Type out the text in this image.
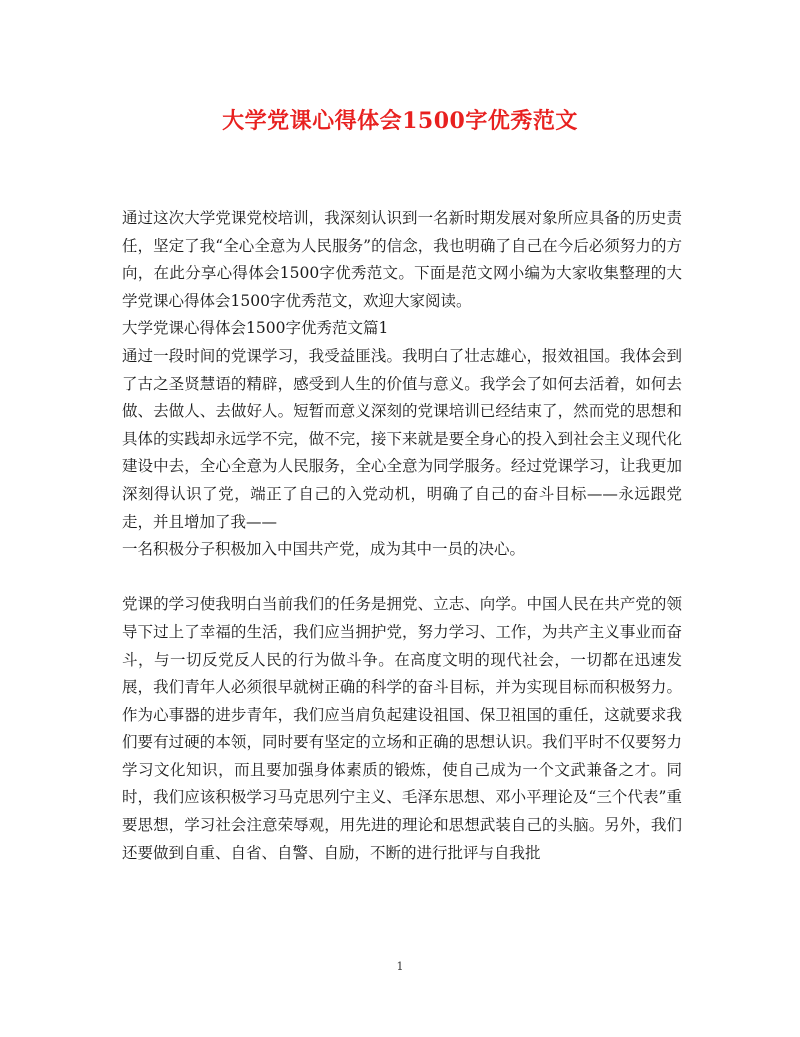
大学党课心得体会1500字优秀范文

通过这次大学党课党校培训，我深刻认识到一名新时期发展对象所应具备的历史责任，坚定了我“全心全意为人民服务”的信念，我也明确了自己在今后必须努力的方向，在此分享心得体会1500字优秀范文。下面是范文网小编为大家收集整理的大学党课心得体会1500字优秀范文，欢迎大家阅读。

大学党课心得体会1500字优秀范文篇1

通过一段时间的党课学习，我受益匪浅。我明白了壮志雄心，报效祖国。我体会到了古之圣贤慧语的精辟，感受到人生的价值与意义。我学会了如何去活着，如何去做、去做人、去做好人。短暂而意义深刻的党课培训已经结束了，然而党的思想和具体的实践却永远学不完，做不完，接下来就是要全身心的投入到社会主义现代化建设中去，全心全意为人民服务，全心全意为同学服务。经过党课学习，让我更加深刻得认识了党，端正了自己的入党动机，明确了自己的奋斗目标——永远跟党走，并且增加了我——

一名积极分子积极加入中国共产党，成为其中一员的决心。

党课的学习使我明白当前我们的任务是拥党、立志、向学。中国人民在共产党的领导下过上了幸福的生活，我们应当拥护党，努力学习、工作，为共产主义事业而奋斗，与一切反党反人民的行为做斗争。在高度文明的现代社会，一切都在迅速发展，我们青年人必须很早就树正确的科学的奋斗目标，并为实现目标而积极努力。作为心事器的进步青年，我们应当肩负起建设祖国、保卫祖国的重任，这就要求我们要有过硬的本领，同时要有坚定的立场和正确的思想认识。我们平时不仅要努力学习文化知识，而且要加强身体素质的锻炼，使自己成为一个文武兼备之才。同时，我们应该积极学习马克思列宁主义、毛泽东思想、邓小平理论及“三个代表”重要思想，学习社会注意荣辱观，用先进的理论和思想武装自己的头脑。另外，我们还要做到自重、自省、自警、自励，不断的进行批评与自我批

1
